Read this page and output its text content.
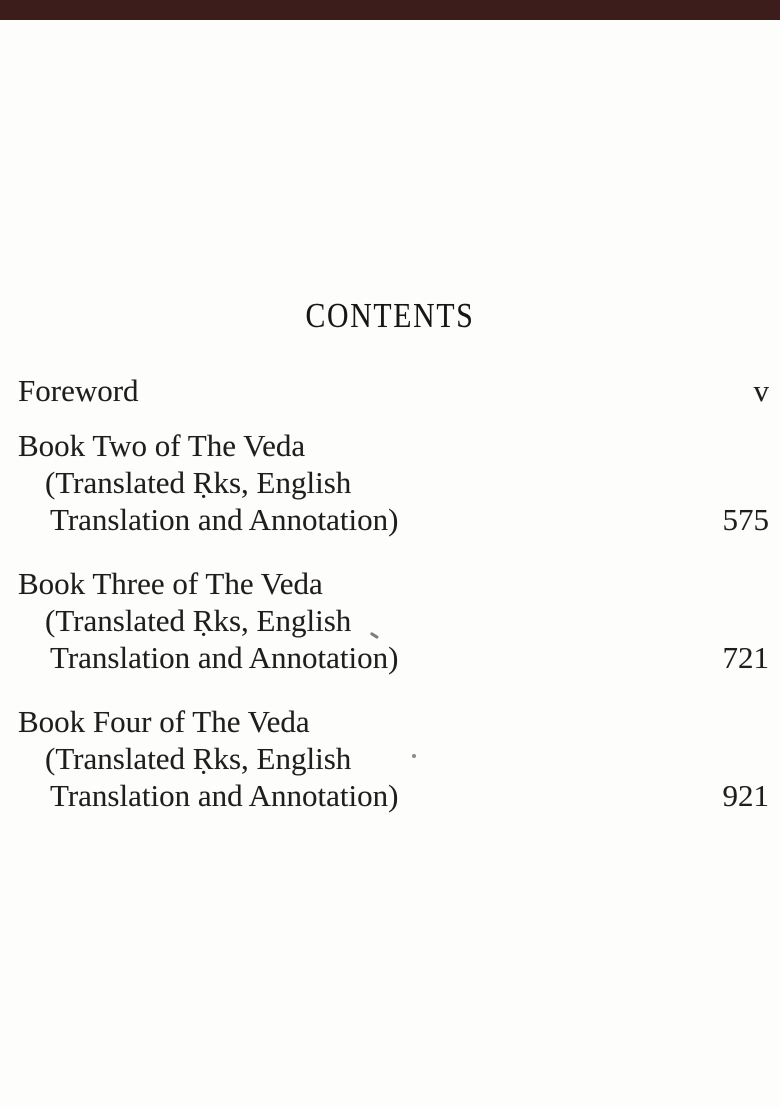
CONTENTS
Foreword	v
Book Two of The Veda
(Translated Ṛks, English
Translation and Annotation)	575
Book Three of The Veda
(Translated Ṛks, English
Translation and Annotation)	721
Book Four of The Veda
(Translated Ṛks, English
Translation and Annotation)	921
